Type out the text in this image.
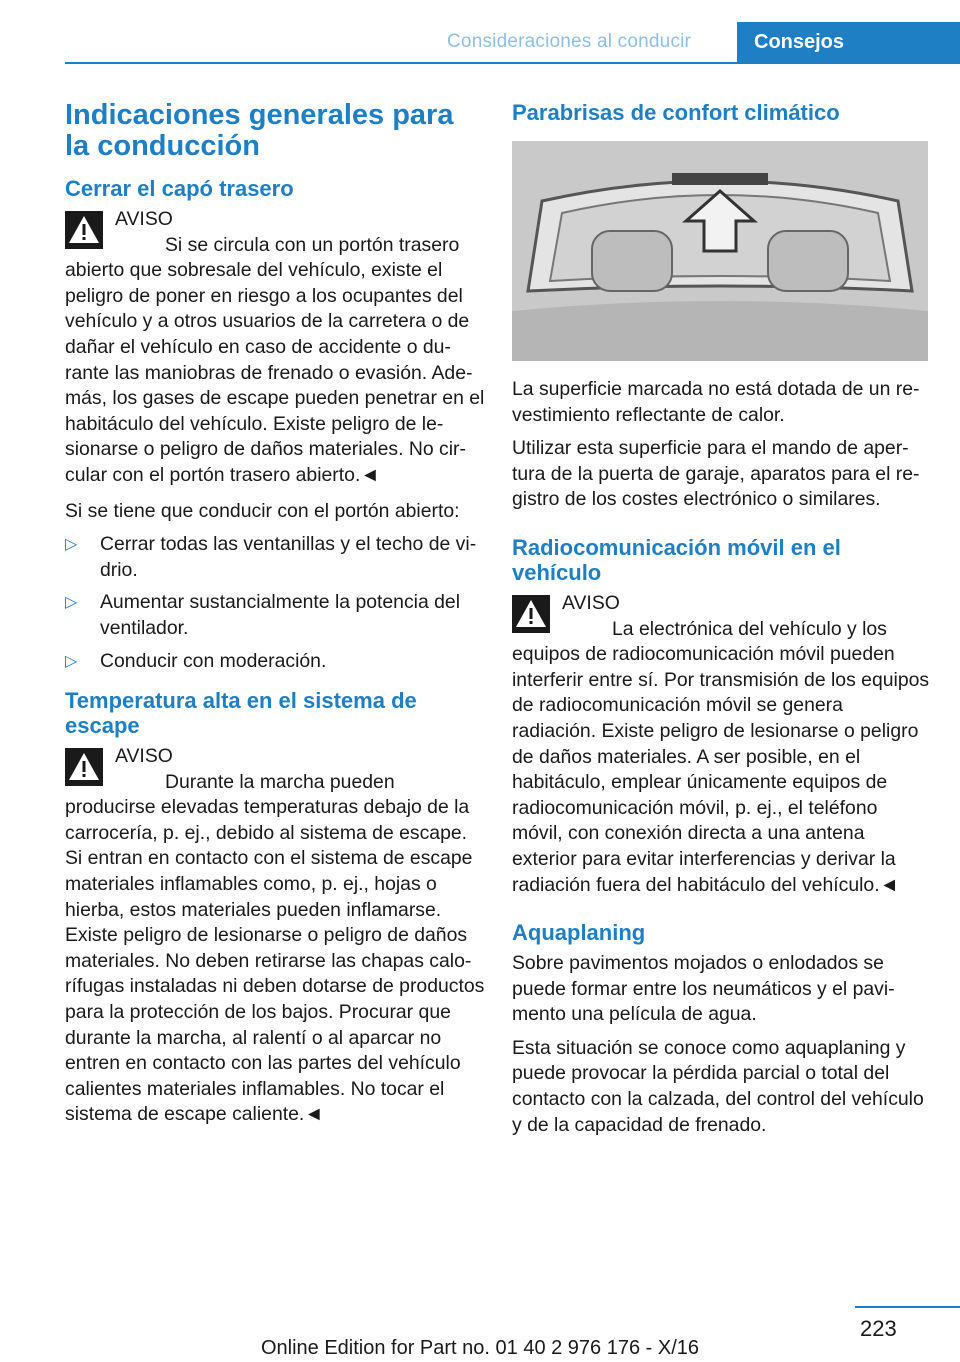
Consideraciones al conducir	Consejos
Indicaciones generales para la conducción
Cerrar el capó trasero
AVISO
Si se circula con un portón trasero abierto que sobresale del vehículo, existe el peligro de poner en riesgo a los ocupantes del vehículo y a otros usuarios de la carretera o de dañar el vehículo en caso de accidente o durante las maniobras de frenado o evasión. Además, los gases de escape pueden penetrar en el habitáculo del vehículo. Existe peligro de lesionarse o peligro de daños materiales. No circular con el portón trasero abierto.◄

Si se tiene que conducir con el portón abierto:

▷ Cerrar todas las ventanillas y el techo de vidrio.
▷ Aumentar sustancialmente la potencia del ventilador.
▷ Conducir con moderación.
Temperatura alta en el sistema de escape
AVISO
Durante la marcha pueden producirse elevadas temperaturas debajo de la carrocería, p. ej., debido al sistema de escape. Si entran en contacto con el sistema de escape materiales inflamables como, p. ej., hojas o hierba, estos materiales pueden inflamarse. Existe peligro de lesionarse o peligro de daños materiales. No deben retirarse las chapas calorífugas instaladas ni deben dotarse de productos para la protección de los bajos. Procurar que durante la marcha, al ralentí o al aparcar no entren en contacto con las partes del vehículo calientes materiales inflamables. No tocar el sistema de escape caliente.◄
Parabrisas de confort climático

La superficie marcada no está dotada de un revestimiento reflectante de calor.

Utilizar esta superficie para el mando de apertura de la puerta de garaje, aparatos para el registro de los costes electrónico o similares.

Radiocomunicación móvil en el vehículo
AVISO
La electrónica del vehículo y los equipos de radiocomunicación móvil pueden interferir entre sí. Por transmisión de los equipos de radiocomunicación móvil se genera radiación. Existe peligro de lesionarse o peligro de daños materiales. A ser posible, en el habitáculo, emplear únicamente equipos de radiocomunicación móvil, p. ej., el teléfono móvil, con conexión directa a una antena exterior para evitar interferencias y derivar la radiación fuera del habitáculo del vehículo.◄
Aquaplaning

Sobre pavimentos mojados o enlodados se puede formar entre los neumáticos y el pavimento una película de agua.

Esta situación se conoce como aquaplaning y puede provocar la pérdida parcial o total del contacto con la calzada, del control del vehículo y de la capacidad de frenado.

223
Online Edition for Part no. 01 40 2 976 176 - X/16
